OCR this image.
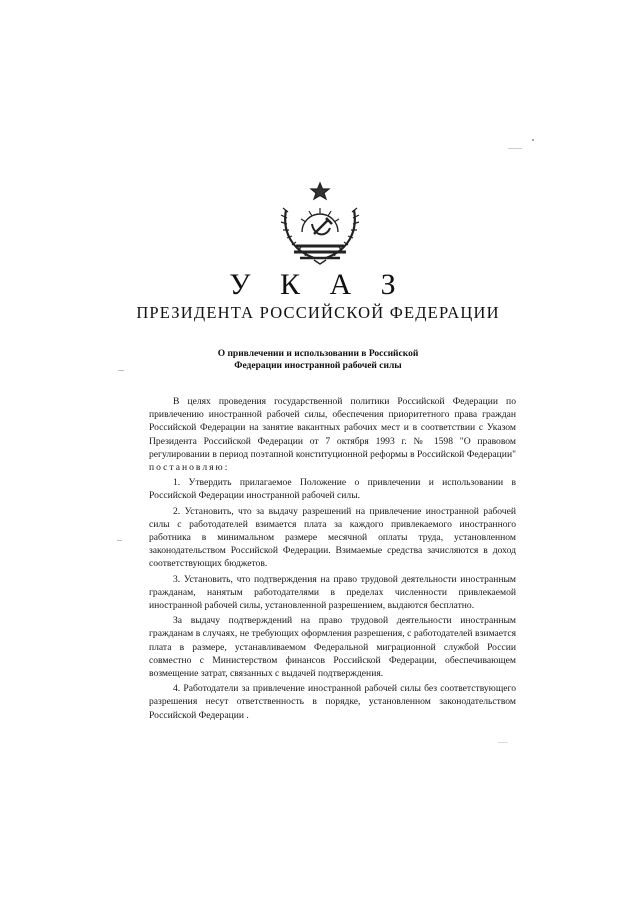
У К А З
ПРЕЗИДЕНТА РОССИЙСКОЙ ФЕДЕРАЦИИ
О привлечении и использовании в Российской
Федерации иностранной рабочей силы

В целях проведения государственной политики Российской Федерации по привлечению иностранной рабочей силы, обеспечения приоритетного права граждан Российской Федерации на занятие вакантных рабочих мест и в соответствии с Указом Президента Российской Федерации от 7 октября 1993 г. № 1598 "О правовом регулировании в период поэтапной конституционной реформы в Российской Федерации" постановляю:

1. Утвердить прилагаемое Положение о привлечении и использовании в Российской Федерации иностранной рабочей силы.

2. Установить, что за выдачу разрешений на привлечение иностранной рабочей силы с работодателей взимается плата за каждого привлекаемого иностранного работника в минимальном размере месячной оплаты труда, установленном законодательством Российской Федерации. Взимаемые средства зачисляются в доход соответствующих бюджетов.

3. Установить, что подтверждения на право трудовой деятельности иностранным гражданам, нанятым работодателями в пределах численности привлекаемой иностранной рабочей силы, установленной разрешением, выдаются бесплатно.

За выдачу подтверждений на право трудовой деятельности иностранным гражданам в случаях, не требующих оформления разрешения, с работодателей взимается плата в размере, устанавливаемом Федеральной миграционной службой России совместно с Министерством финансов Российской Федерации, обеспечивающем возмещение затрат, связанных с выдачей подтверждения.

4. Работодатели за привлечение иностранной рабочей силы без соответствующего разрешения несут ответственность в порядке, установленном законодательством Российской Федерации .
